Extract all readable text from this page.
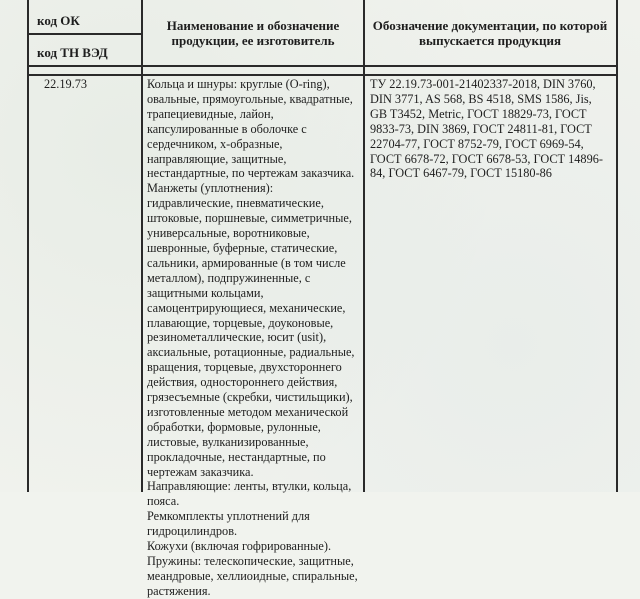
код ОК
код ТН ВЭД
Наименование и обозначение продукции, ее изготовитель
Обозначение документации, по которой выпускается продукция
22.19.73	Кольца и шнуры: круглые (O-ring), овальные, прямоугольные, квадратные, трапециевидные, лайон, капсулированные в оболочке с сердечником, x-образные, направляющие, защитные, нестандартные, по чертежам заказчика.

Манжеты (уплотнения): гидравлические, пневматические, штоковые, поршневые, симметричные, универсальные, воротниковые, шевронные, буферные, статические, сальники, армированные (в том числе металлом), подпружиненные, с защитными кольцами, самоцентрирующиеся, механические, плавающие, торцевые, доуконовые, резинометаллические, юсит (usit), аксиальные, ротационные, радиальные, вращения, торцевые, двухстороннего действия, одностороннего действия, грязесъемные (скребки, чистильщики), изготовленные методом механической обработки, формовые, рулонные, листовые, вулканизированные, прокладочные, нестандартные, по чертежам заказчика.

Направляющие: ленты, втулки, кольца, пояса.

Ремкомплекты уплотнений для гидроцилиндров.

Кожухи (включая гофрированные).

Пружины: телескопические, защитные, меандровые, хеллиоидные, спиральные, растяжения.

ТУ 22.19.73-001-21402337-2018, DIN 3760, DIN 3771, AS 568, BS 4518, SMS 1586, Jis, GB T3452, Metric, ГОСТ 18829-73, ГОСТ 9833-73, DIN 3869, ГОСТ 24811-81, ГОСТ 22704-77, ГОСТ 8752-79, ГОСТ 6969-54, ГОСТ 6678-72, ГОСТ 6678-53, ГОСТ 14896-84, ГОСТ 6467-79, ГОСТ 15180-86
